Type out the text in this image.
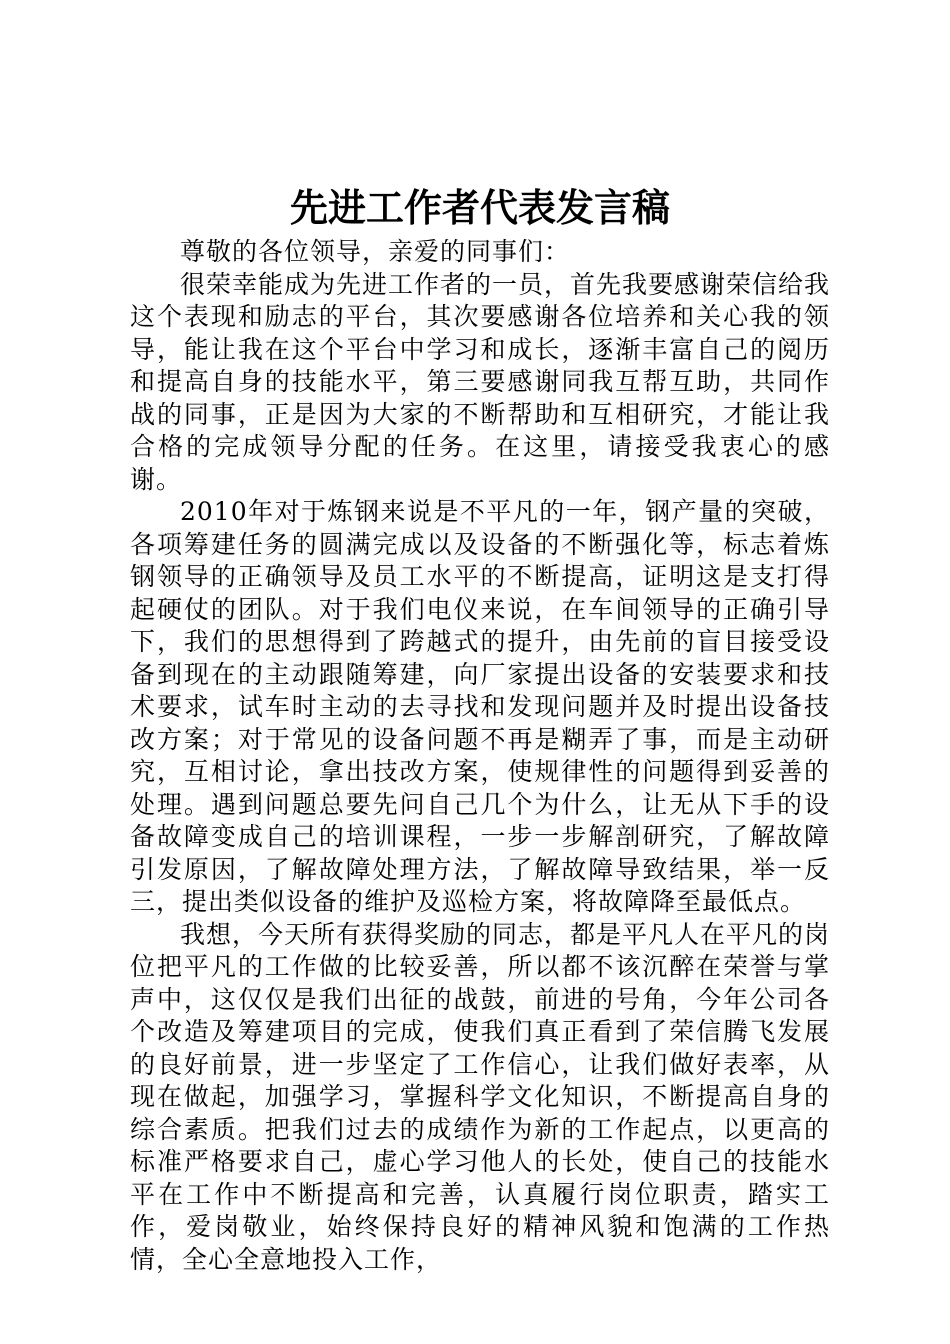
先进工作者代表发言稿

尊敬的各位领导，亲爱的同事们：

很荣幸能成为先进工作者的一员，首先我要感谢荣信给我这个表现和励志的平台，其次要感谢各位培养和关心我的领导，能让我在这个平台中学习和成长，逐渐丰富自己的阅历和提高自身的技能水平，第三要感谢同我互帮互助，共同作战的同事，正是因为大家的不断帮助和互相研究，才能让我合格的完成领导分配的任务。在这里，请接受我衷心的感谢。

2010年对于炼钢来说是不平凡的一年，钢产量的突破，各项筹建任务的圆满完成以及设备的不断强化等，标志着炼钢领导的正确领导及员工水平的不断提高，证明这是支打得起硬仗的团队。对于我们电仪来说，在车间领导的正确引导下，我们的思想得到了跨越式的提升，由先前的盲目接受设备到现在的主动跟随筹建，向厂家提出设备的安装要求和技术要求，试车时主动的去寻找和发现问题并及时提出设备技改方案；对于常见的设备问题不再是糊弄了事，而是主动研究，互相讨论，拿出技改方案，使规律性的问题得到妥善的处理。遇到问题总要先问自己几个为什么，让无从下手的设备故障变成自己的培训课程，一步一步解剖研究，了解故障引发原因，了解故障处理方法，了解故障导致结果，举一反三，提出类似设备的维护及巡检方案，将故障降至最低点。

我想，今天所有获得奖励的同志，都是平凡人在平凡的岗位把平凡的工作做的比较妥善，所以都不该沉醉在荣誉与掌声中，这仅仅是我们出征的战鼓，前进的号角，今年公司各个改造及筹建项目的完成，使我们真正看到了荣信腾飞发展的良好前景，进一步坚定了工作信心，让我们做好表率，从现在做起，加强学习，掌握科学文化知识，不断提高自身的综合素质。把我们过去的成绩作为新的工作起点，以更高的标准严格要求自己，虚心学习他人的长处，使自己的技能水平在工作中不断提高和完善，认真履行岗位职责，踏实工作，爱岗敬业，始终保持良好的精神风貌和饱满的工作热情，全心全意地投入工作，
